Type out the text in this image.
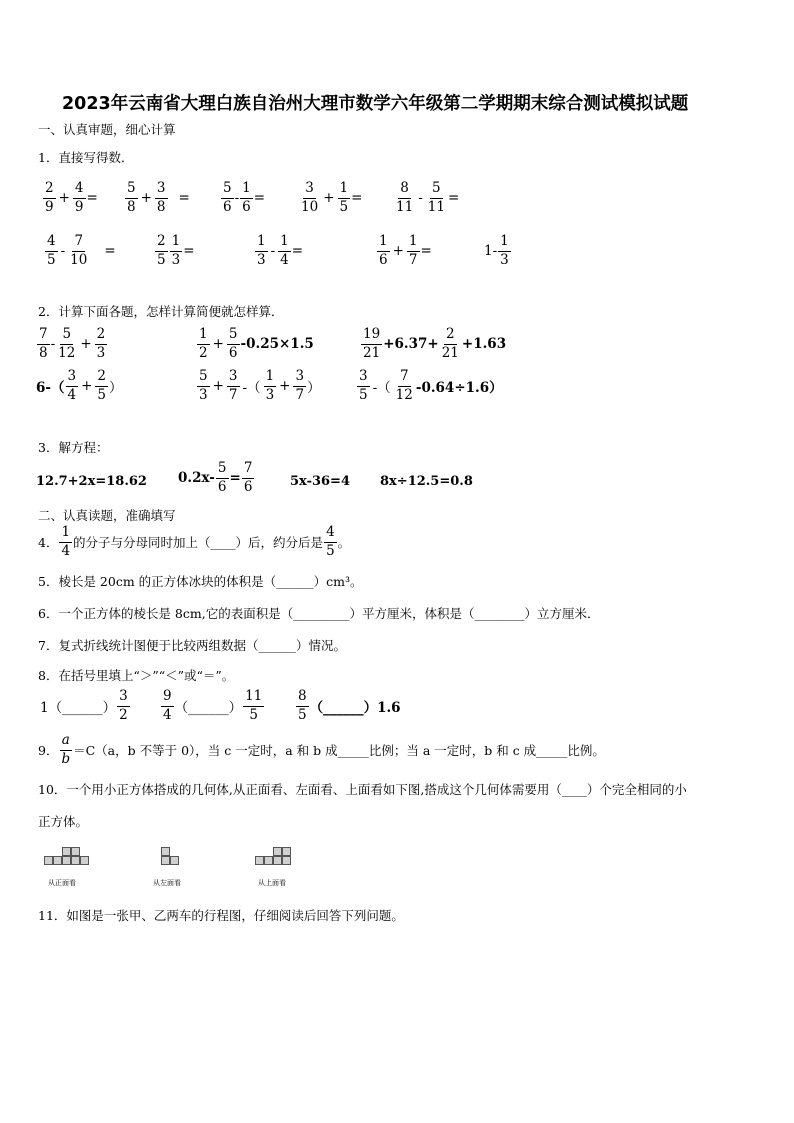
2023年云南省大理白族自治州大理市数学六年级第二学期期末综合测试模拟试题
一、认真审题，细心计算
1．直接写得数．
$\frac{2}{9} + \frac{4}{9} = \frac{5}{8} + \frac{3}{8} = \frac{5}{6} - \frac{1}{6}$ =	$\frac{3}{10} + \frac{1}{5} = \frac{8}{11} - \frac{5}{11}$ =
$\frac{4}{5} - \frac{7}{10}$ =	$\frac{2}{5} \frac{1}{3}$ =	$\frac{1}{3} - \frac{1}{4}$ =	$\frac{1}{6} + \frac{1}{7}$ =	$1- \frac{1}{3}$
2．计算下面各题，怎样计算简便就怎样算．
$\frac{7}{8} - \frac{5}{12} + \frac{2}{3}$	$\frac{1}{2} + \frac{5}{6} -0.25\times 1.5$	$\frac{19}{21} +6.37+ \frac{2}{21} +1.63$
$6-( \frac{3}{4} + \frac{2}{5}$ ）	$\frac{5}{3} + \frac{3}{7}$ -（ $\frac{1}{3} + \frac{3}{7}$ ）	$\frac{3}{5}$ -（ $\frac{7}{12} -0.64\div 1.6$）
3．解方程：
12.7+2x=18.62 $0.2x- \frac{5}{6} = \frac{7}{6}$	5x-36=4 8x÷12.5=0.8
二、认真读题，准确填写
4． $\frac{1}{4}$ 的分子与分母同时加上（____）后，约分后是 $\frac{4}{5}$ 。
5．棱长是 20cm 的正方体冰块的体积是（______）cm³。
6．一个正方体的棱长是 8cm,它的表面积是（_________）平方厘米，体积是（________）立方厘米．
7．复式折线统计图便于比较两组数据（______）情况。
8．在括号里填上“＞”“＜”或“＝”。
1（______） $\frac{3}{2} \frac{9}{4}$ （______） $\frac{11}{5} \frac{8}{5}$ （______）1.6
9． $\frac{a}{b} =C(a$，b 不等于 0），当 c 一定时，a 和 b 成_____比例；当 a 一定时，b 和 c 成_____比例。
10．一个用小正方体搭成的几何体,从正面看、左面看、上面看如下图,搭成这个几何体需要用（____）个完全相同的小
正方体。
从正面看	从左面看	从上面看
11．如图是一张甲、乙两车的行程图，仔细阅读后回答下列问题。
